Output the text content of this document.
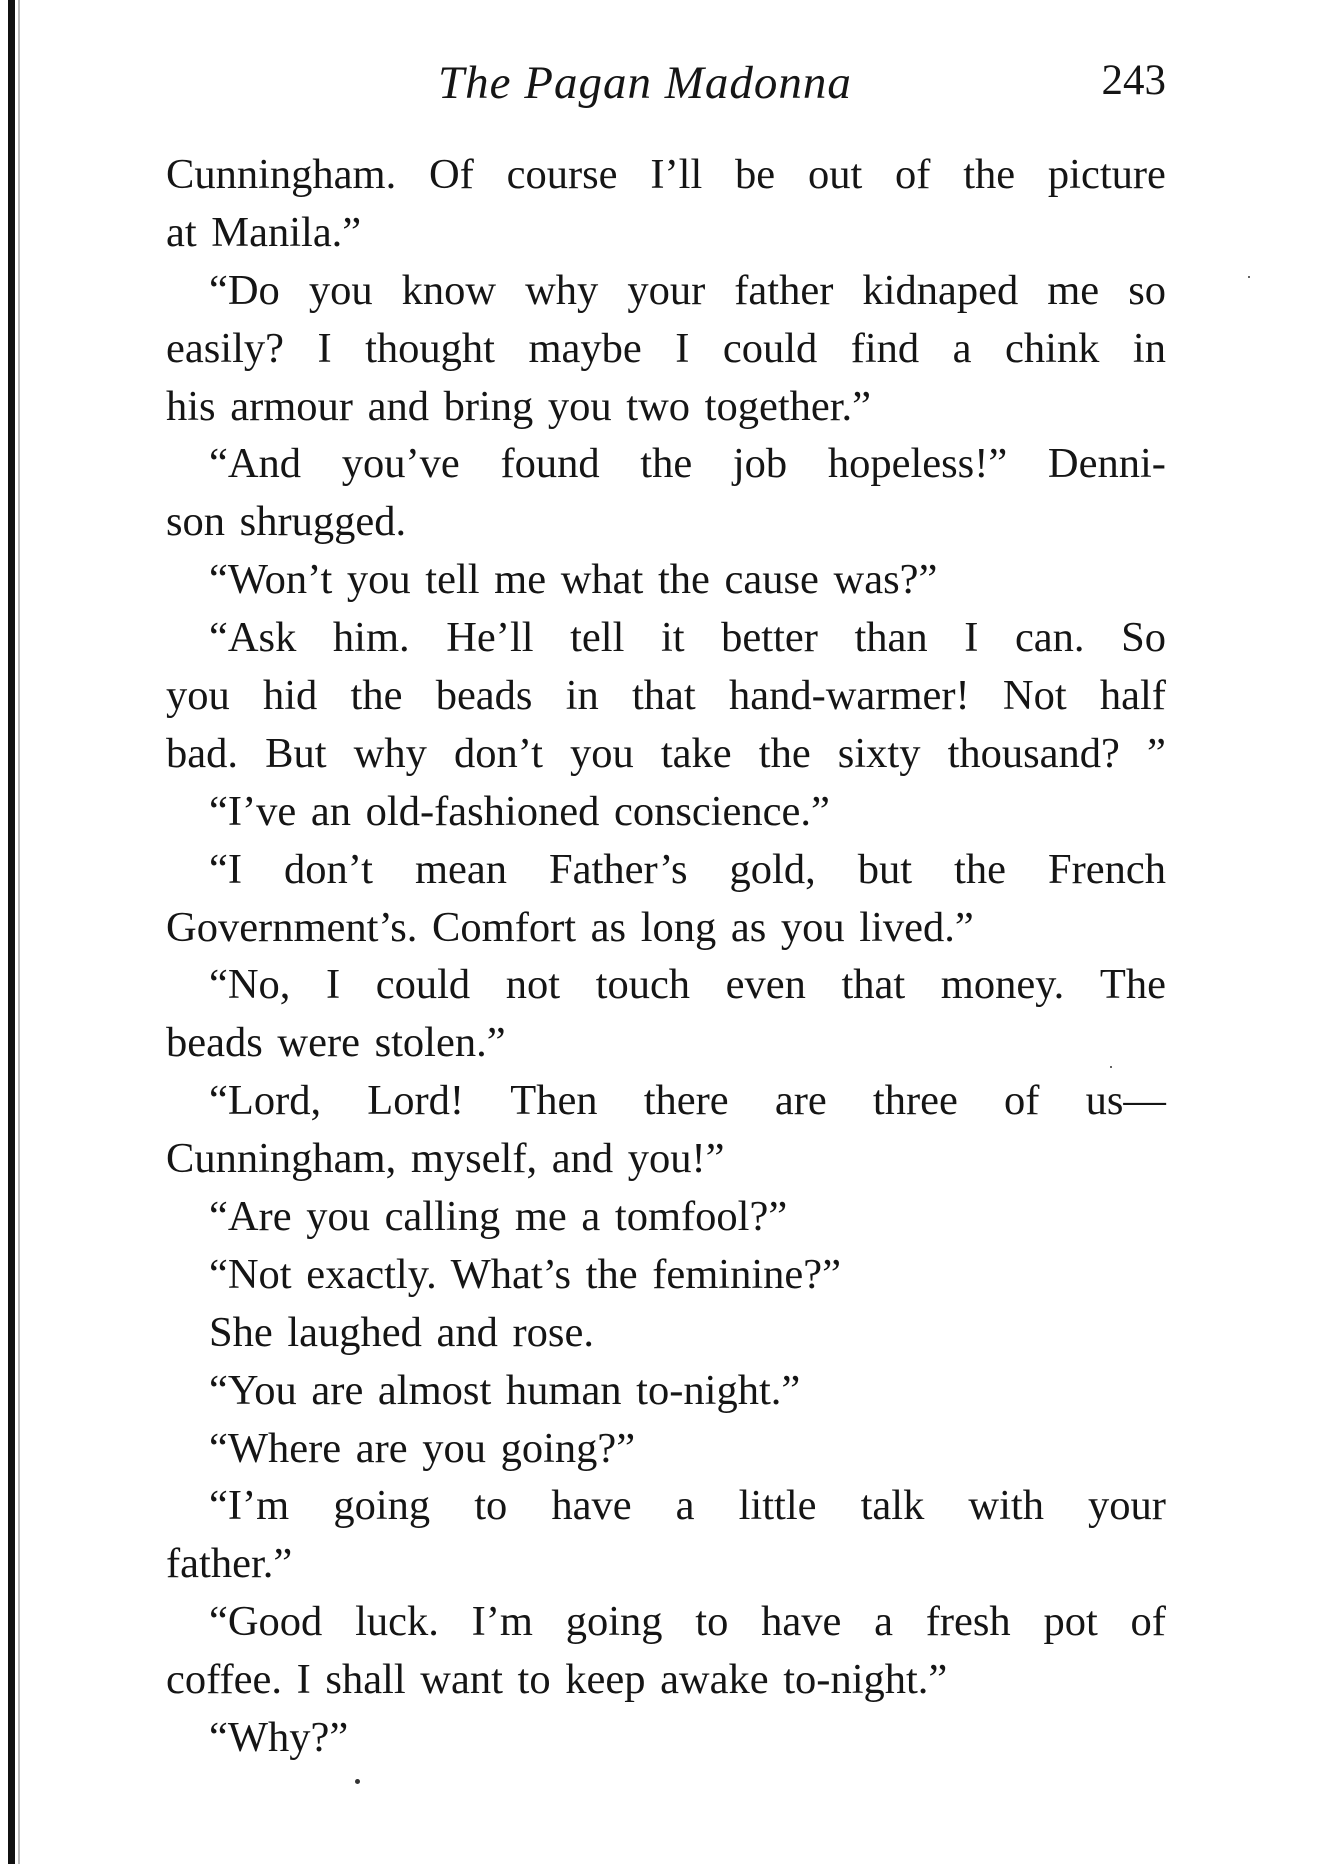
The Pagan Madonna	243
Cunningham. Of course I’ll be out of the picture
at Manila.”
“Do you know why your father kidnaped me so
easily? I thought maybe I could find a chink in
his armour and bring you two together.”
“And you’ve found the job hopeless!” Denni-
son shrugged.
“Won’t you tell me what the cause was?”
“Ask him. He’ll tell it better than I can. So
you hid the beads in that hand-warmer! Not half
bad. But why don’t you take the sixty thousand? ”
“I’ve an old-fashioned conscience.”
“I don’t mean Father’s gold, but the French
Government’s. Comfort as long as you lived.”
“No, I could not touch even that money. The
beads were stolen.”
“Lord, Lord! Then there are three of us—
Cunningham, myself, and you!”
“Are you calling me a tomfool?”
“Not exactly. What’s the feminine?”
She laughed and rose.
“You are almost human to-night.”
“Where are you going?”
“I’m going to have a little talk with your
father.”
“Good luck. I’m going to have a fresh pot of
coffee. I shall want to keep awake to-night.”
“Why?”
